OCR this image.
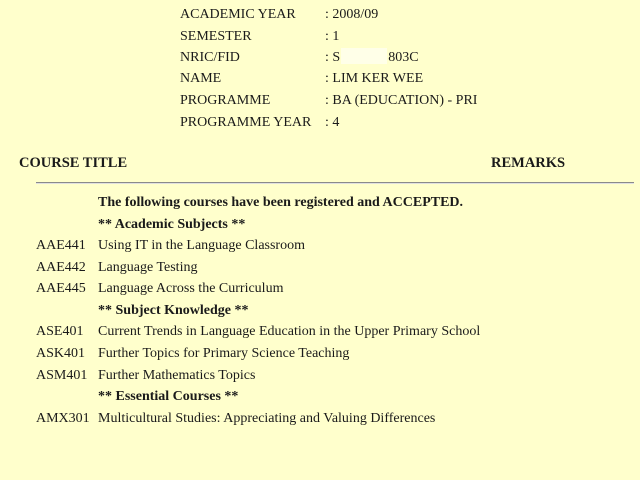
ACADEMIC YEAR : 2008/09
SEMESTER	: 1
NRIC/FID	: S	803C
NAME	: LIM KER WEE
PROGRAMME	: BA (EDUCATION) - PRI
PROGRAMME YEAR : 4
COURSE TITLE	REMARKS
The following courses have been registered and ACCEPTED.
** Academic Subjects **
AAE441 Using IT in the Language Classroom
AAE442 Language Testing
AAE445 Language Across the Curriculum
** Subject Knowledge **
ASE401 Current Trends in Language Education in the Upper Primary School
ASK401 Further Topics for Primary Science Teaching
ASM401 Further Mathematics Topics
** Essential Courses **
AMX301 Multicultural Studies: Appreciating and Valuing Differences
